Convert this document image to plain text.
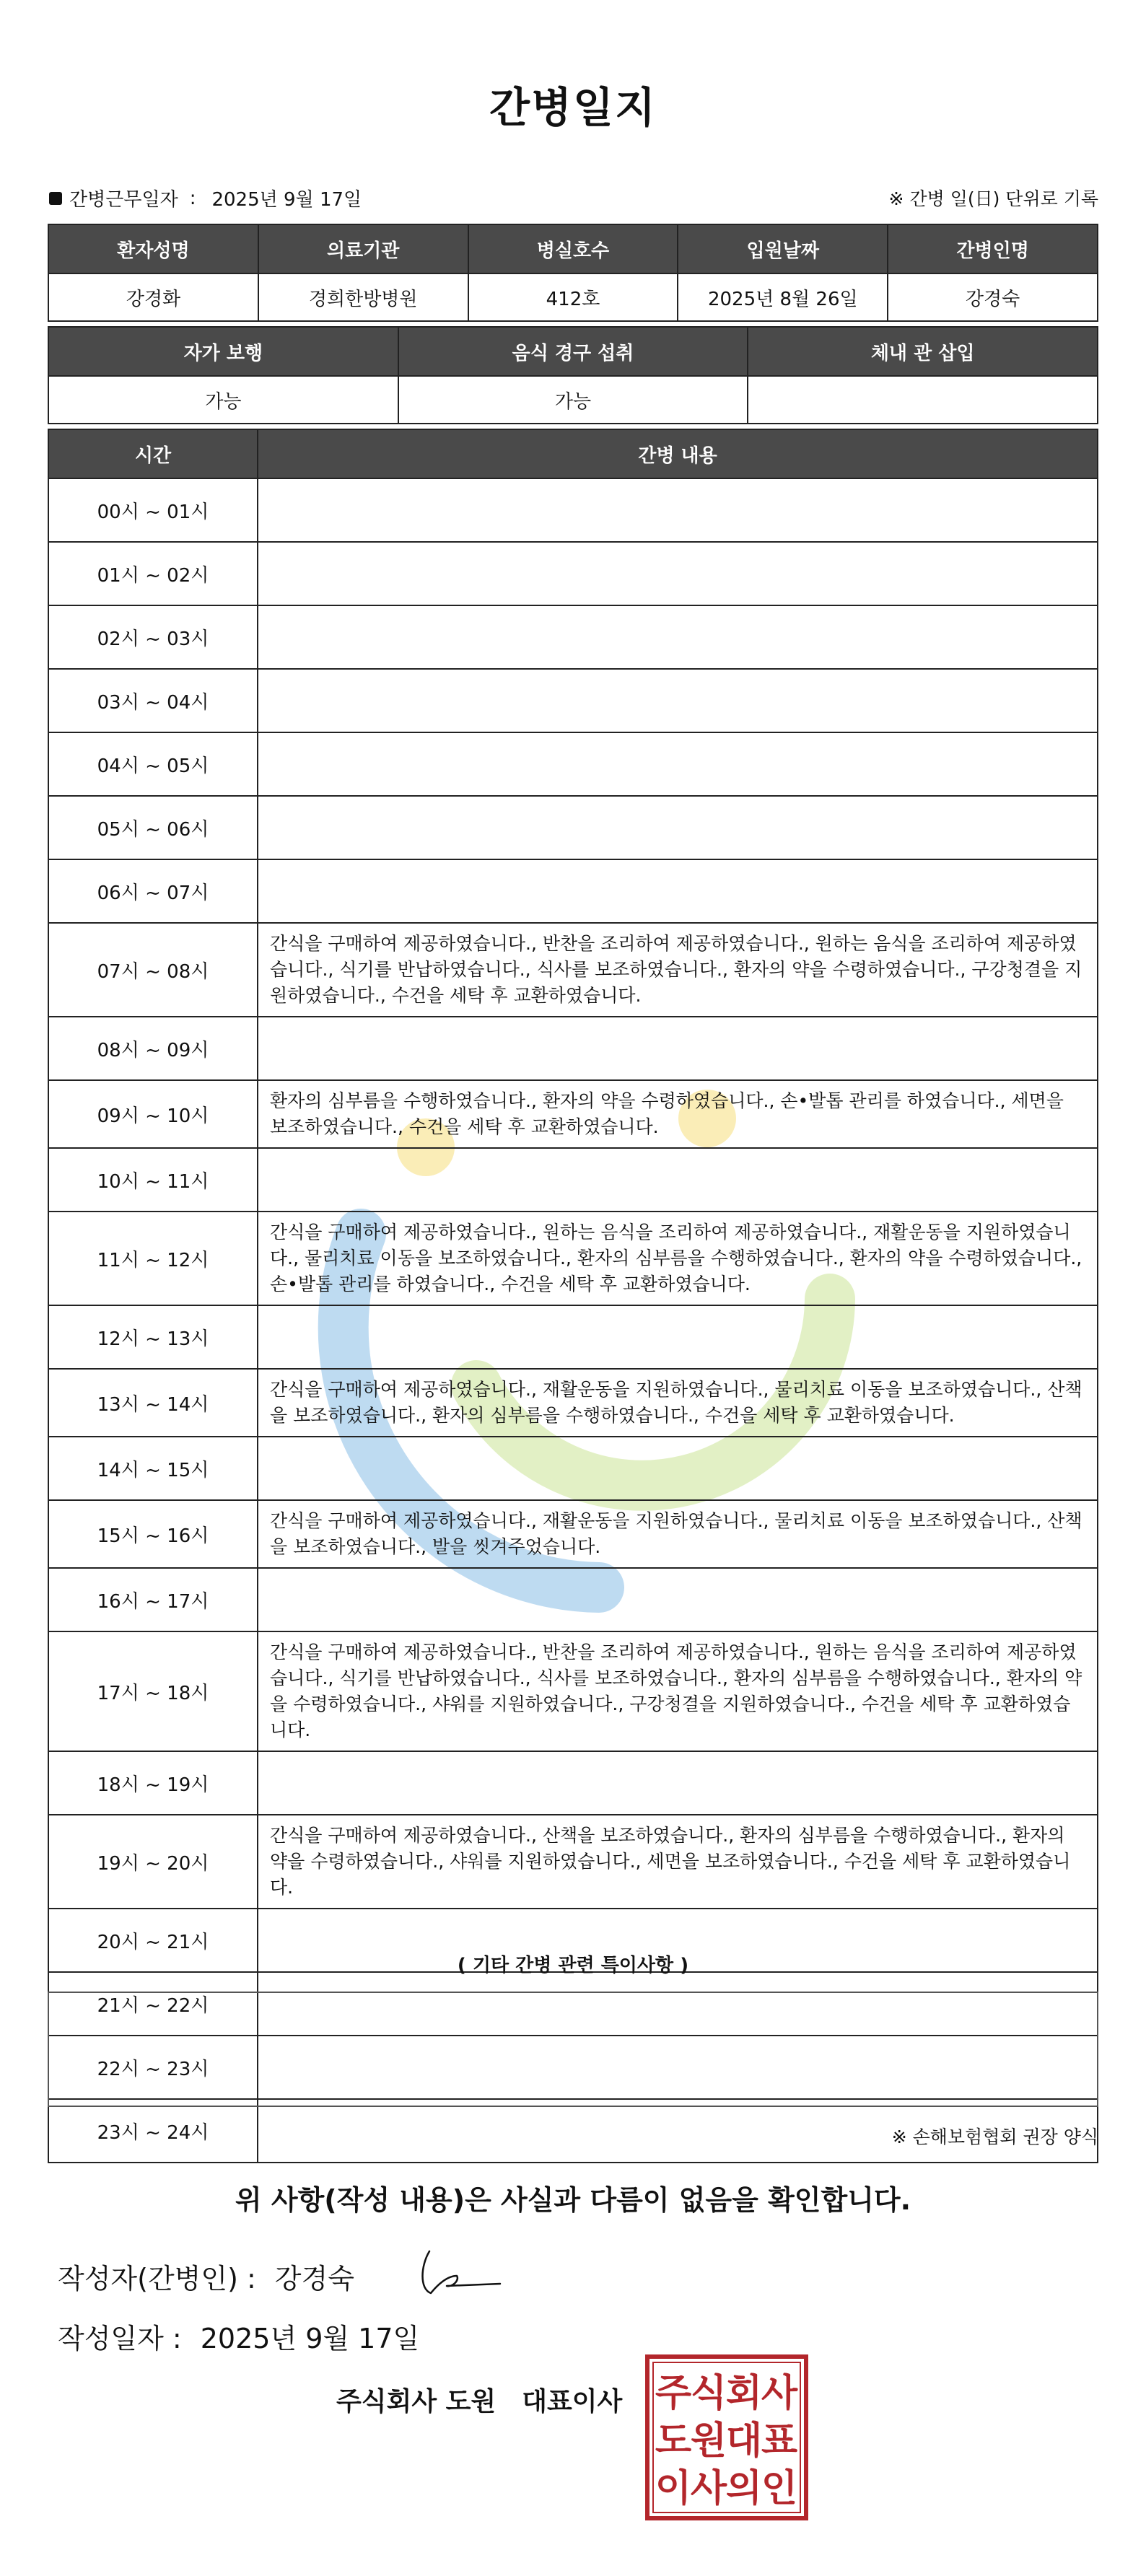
간병일지
간병근무일자 : 2025년 9월 17일	※ 간병 일(日) 단위로 기록
환자성명	의료기관	병실호수	입원날짜	간병인명
강경화	경희한방병원	412호	2025년 8월 26일	강경숙
자가 보행	음식 경구 섭취	체내 관 삽입
가능	가능	
시간	간병 내용
00시 ~ 01시	
01시 ~ 02시	
02시 ~ 03시	
03시 ~ 04시	
04시 ~ 05시	
05시 ~ 06시	
06시 ~ 07시	
07시 ~ 08시	간식을 구매하여 제공하였습니다., 반찬을 조리하여 제공하였습니다., 원하는 음식을 조리하여 제공하였습니다., 식기를 반납하였습니다., 식사를 보조하였습니다., 환자의 약을 수령하였습니다., 구강청결을 지원하였습니다., 수건을 세탁 후 교환하였습니다.
08시 ~ 09시	
09시 ~ 10시	환자의 심부름을 수행하였습니다., 환자의 약을 수령하였습니다., 손•발톱 관리를 하였습니다., 세면을 보조하였습니다., 수건을 세탁 후 교환하였습니다.
10시 ~ 11시	
11시 ~ 12시	간식을 구매하여 제공하였습니다., 원하는 음식을 조리하여 제공하였습니다., 재활운동을 지원하였습니다., 물리치료 이동을 보조하였습니다., 환자의 심부름을 수행하였습니다., 환자의 약을 수령하였습니다., 손•발톱 관리를 하였습니다., 수건을 세탁 후 교환하였습니다.
12시 ~ 13시	
13시 ~ 14시	간식을 구매하여 제공하였습니다., 재활운동을 지원하였습니다., 물리치료 이동을 보조하였습니다., 산책을 보조하였습니다., 환자의 심부름을 수행하였습니다., 수건을 세탁 후 교환하였습니다.
14시 ~ 15시	
15시 ~ 16시	간식을 구매하여 제공하였습니다., 재활운동을 지원하였습니다., 물리치료 이동을 보조하였습니다., 산책을 보조하였습니다., 발을 씻겨주었습니다.
16시 ~ 17시	
17시 ~ 18시	간식을 구매하여 제공하였습니다., 반찬을 조리하여 제공하였습니다., 원하는 음식을 조리하여 제공하였습니다., 식기를 반납하였습니다., 식사를 보조하였습니다., 환자의 심부름을 수행하였습니다., 환자의 약을 수령하였습니다., 샤워를 지원하였습니다., 구강청결을 지원하였습니다., 수건을 세탁 후 교환하였습니다.
18시 ~ 19시	
19시 ~ 20시	간식을 구매하여 제공하였습니다., 산책을 보조하였습니다., 환자의 심부름을 수행하였습니다., 환자의 약을 수령하였습니다., 샤워를 지원하였습니다., 세면을 보조하였습니다., 수건을 세탁 후 교환하였습니다.
20시 ~ 21시	
21시 ~ 22시	
22시 ~ 23시	
23시 ~ 24시	
( 기타 간병 관련 특이사항 )
※ 손해보험협회 권장 양식
위 사항(작성 내용)은 사실과 다름이 없음을 확인합니다.
작성자(간병인) : 강경숙
작성일자 : 2025년 9월 17일
주식회사 도원 대표이사 주
식
회
사
도
원
대
표
이
사
의
인
